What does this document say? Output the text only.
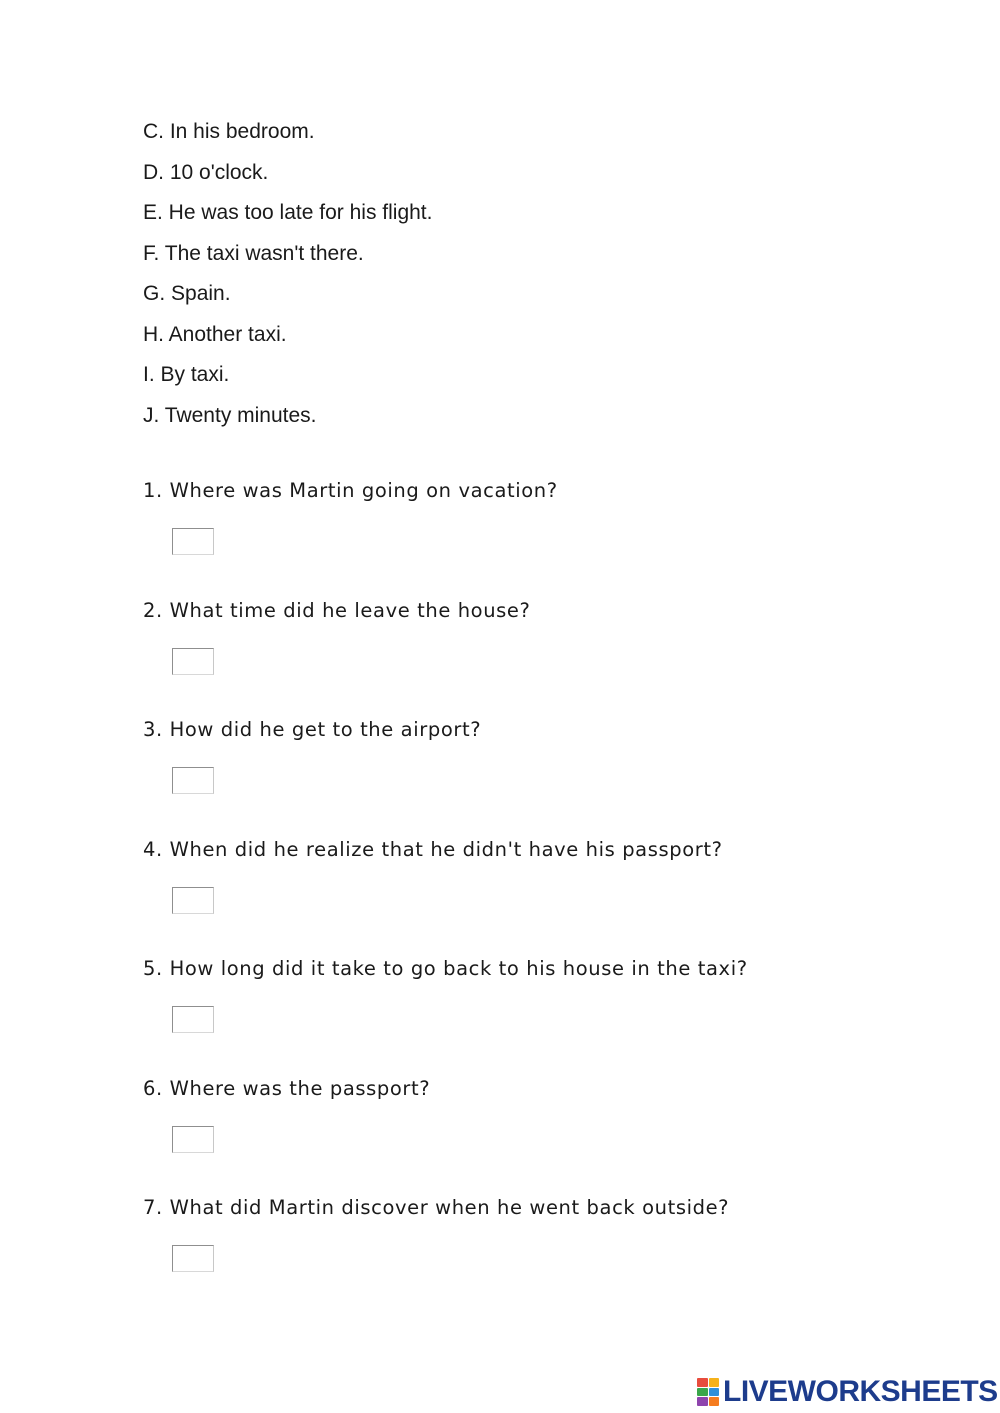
C. In his bedroom.
D. 10 o'clock.
E. He was too late for his flight.
F. The taxi wasn't there.
G. Spain.
H. Another taxi.
I. By taxi.
J. Twenty minutes.
1. Where was Martin going on vacation?
2. What time did he leave the house?
3. How did he get to the airport?
4. When did he realize that he didn't have his passport?
5. How long did it take to go back to his house in the taxi?
6. Where was the passport?
7. What did Martin discover when he went back outside?
LIVEWORKSHEETS
